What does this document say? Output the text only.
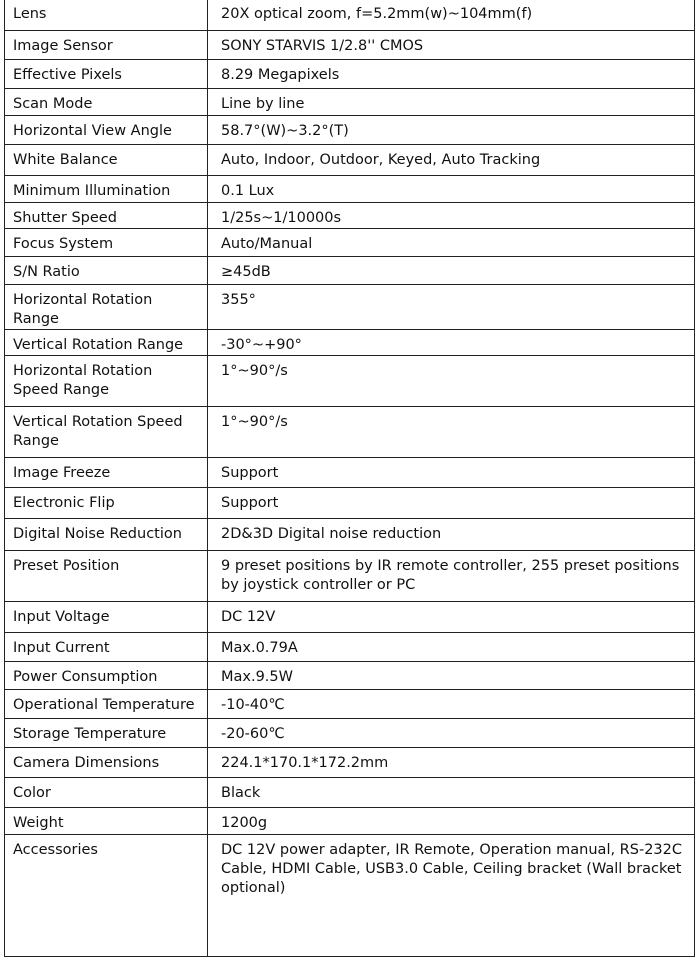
Lens	20X optical zoom, f=5.2mm(w)~104mm(f)
Image Sensor	SONY STARVIS 1/2.8'' CMOS
Effective Pixels	8.29 Megapixels
Scan Mode	Line by line
Horizontal View Angle	58.7°(W)~3.2°(T)
White Balance	Auto, Indoor, Outdoor, Keyed, Auto Tracking
Minimum Illumination	0.1 Lux
Shutter Speed	1/25s~1/10000s
Focus System	Auto/Manual
S/N Ratio	≥45dB
Horizontal Rotation Range	355°
Vertical Rotation Range	-30°~+90°
Horizontal Rotation Speed Range	1°~90°/s
Vertical Rotation Speed Range	1°~90°/s
Image Freeze	Support
Electronic Flip	Support
Digital Noise Reduction	2D&3D Digital noise reduction
Preset Position	9 preset positions by IR remote controller, 255 preset positions by joystick controller or PC
Input Voltage	DC 12V
Input Current	Max.0.79A
Power Consumption	Max.9.5W
Operational Temperature	-10-40℃
Storage Temperature	-20-60℃
Camera Dimensions	224.1*170.1*172.2mm
Color	Black
Weight	1200g
Accessories	DC 12V power adapter, IR Remote, Operation manual, RS-232C Cable, HDMI Cable, USB3.0 Cable, Ceiling bracket (Wall bracket optional)
